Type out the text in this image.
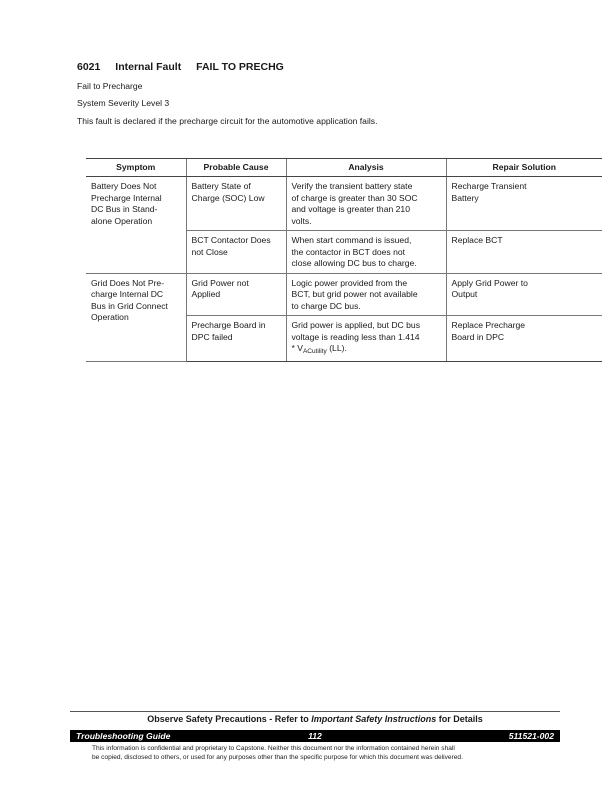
6021 Internal Fault FAIL TO PRECHG
Fail to Precharge
System Severity Level 3
This fault is declared if the precharge circuit for the automotive application fails.
Symptom	Probable Cause	Analysis	Repair Solution

Battery Does Not
Precharge Internal
DC Bus in Stand-
alone Operation	Battery State of
Charge (SOC) Low	Verify the transient battery state
of charge is greater than 30 SOC
and voltage is greater than 210
volts.	Recharge Transient
Battery

	BCT Contactor Does
not Close	When start command is issued,
the contactor in BCT does not
close allowing DC bus to charge.	Replace BCT

Grid Does Not Pre-
charge Internal DC
Bus in Grid Connect
Operation	Grid Power not
Applied	Logic power provided from the
BCT, but grid power not available
to charge DC bus.	Apply Grid Power to
Output

	Precharge Board in
DPC failed	Grid power is applied, but DC bus
voltage is reading less than 1.414
* $V_{ACutility}$ (LL).	Replace Precharge
Board in DPC
Observe Safety Precautions - Refer to Important Safety Instructions for Details
Troubleshooting Guide	112	511521-002
This information is confidential and proprietary to Capstone. Neither this document nor the information contained herein shall
be copied, disclosed to others, or used for any purposes other than the specific purpose for which this document was delivered.
